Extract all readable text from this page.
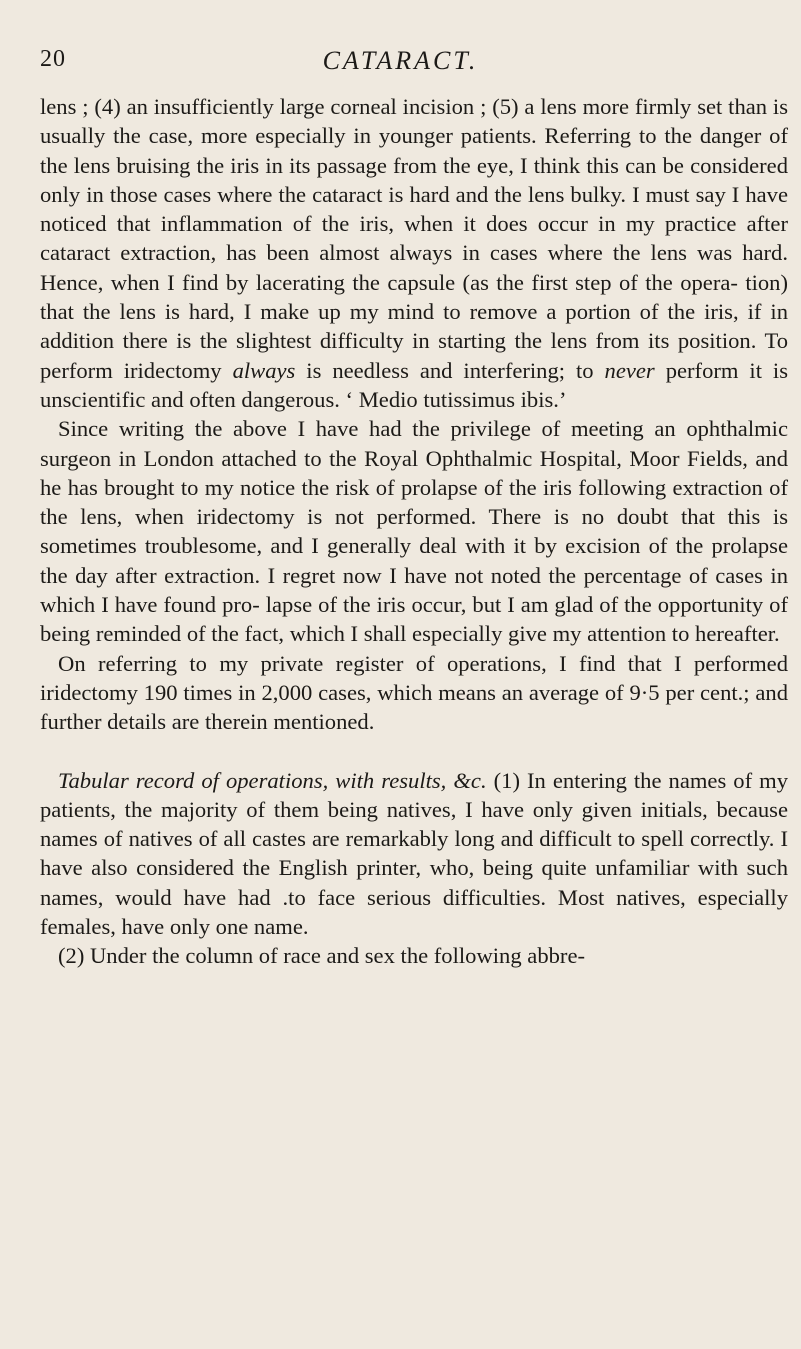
20	CATARACT.

lens ; (4) an insufficiently large corneal incision ; (5) a lens more firmly set than is usually the case, more especially in younger patients. Referring to the danger of the lens bruising the iris in its passage from the eye, I think this can be considered only in those cases where the cataract is hard and the lens bulky. I must say I have noticed that inflammation of the iris, when it does occur in my practice after cataract extraction, has been almost always in cases where the lens was hard. Hence, when I find by lacerating the capsule (as the first step of the opera- tion) that the lens is hard, I make up my mind to remove a portion of the iris, if in addition there is the slightest difficulty in starting the lens from its position. To perform iridectomy always is needless and interfering; to never perform it is unscientific and often dangerous. ‘ Medio tutissimus ibis.’

Since writing the above I have had the privilege of meeting an ophthalmic surgeon in London attached to the Royal Ophthalmic Hospital, Moor Fields, and he has brought to my notice the risk of prolapse of the iris following extraction of the lens, when iridectomy is not performed. There is no doubt that this is sometimes troublesome, and I generally deal with it by excision of the prolapse the day after extraction. I regret now I have not noted the percentage of cases in which I have found pro- lapse of the iris occur, but I am glad of the opportunity of being reminded of the fact, which I shall especially give my attention to hereafter.

On referring to my private register of operations, I find that I performed iridectomy 190 times in 2,000 cases, which means an average of 9·5 per cent.; and further details are therein mentioned.

Tabular record of operations, with results, &c. (1) In entering the names of my patients, the majority of them being natives, I have only given initials, because names of natives of all castes are remarkably long and difficult to spell correctly. I have also considered the English printer, who, being quite unfamiliar with such names, would have had .to face serious difficulties. Most natives, especially females, have only one name.

(2) Under the column of race and sex the following abbre-
